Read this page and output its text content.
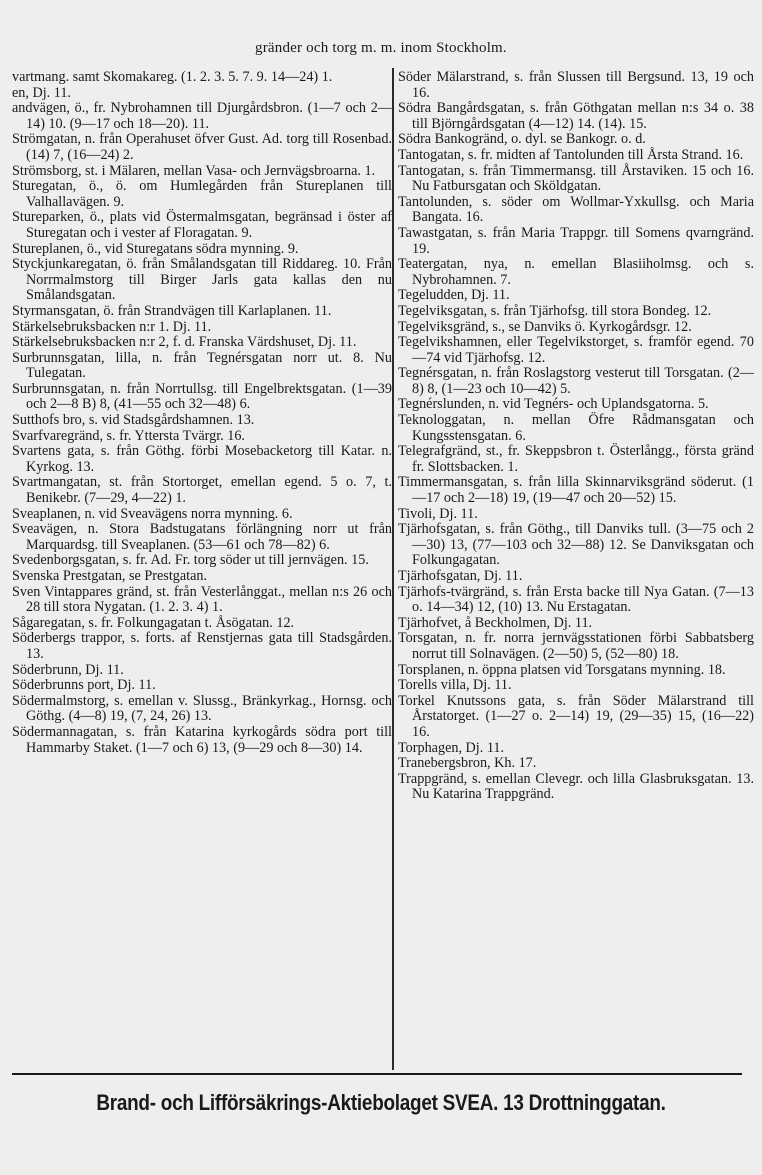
gränder och torg m. m. inom Stockholm.

vartmang. samt Skomakareg. (1. 2. 3. 5. 7. 9. 14—24) 1.

en, Dj. 11.

andvägen, ö., fr. Nybrohamnen till Djurgårdsbron. (1—7 och 2—14) 10. (9—17 och 18—20). 11.

Strömgatan, n. från Operahuset öfver Gust. Ad. torg till Rosenbad. (14) 7, (16—24) 2.

Strömsborg, st. i Mälaren, mellan Vasa- och Jernvägsbroarna. 1.

Sturegatan, ö., ö. om Humlegården från Stureplanen till Valhallavägen. 9.

Stureparken, ö., plats vid Östermalmsgatan, begränsad i öster af Sturegatan och i vester af Floragatan. 9.

Stureplanen, ö., vid Sturegatans södra mynning. 9.

Styckjunkaregatan, ö. från Smålandsgatan till Riddareg. 10. Från Norrmalmstorg till Birger Jarls gata kallas den nu Smålandsgatan.

Styrmansgatan, ö. från Strandvägen till Karlaplanen. 11.

Stärkelsebruksbacken n:r 1. Dj. 11.

Stärkelsebruksbacken n:r 2, f. d. Franska Värdshuset, Dj. 11.

Surbrunnsgatan, lilla, n. från Tegnérsgatan norr ut. 8. Nu Tulegatan.

Surbrunnsgatan, n. från Norrtullsg. till Engelbrektsgatan. (1—39 och 2—8 B) 8, (41—55 och 32—48) 6.

Sutthofs bro, s. vid Stadsgårdshamnen. 13.

Svarfvaregränd, s. fr. Yttersta Tvärgr. 16.

Svartens gata, s. från Göthg. förbi Mosebacketorg till Katar. n. Kyrkog. 13.

Svartmangatan, st. från Stortorget, emellan egend. 5 o. 7, t. Benikebr. (7—29, 4—22) 1.

Sveaplanen, n. vid Sveavägens norra mynning. 6.

Sveavägen, n. Stora Badstugatans förlängning norr ut från Marquardsg. till Sveaplanen. (53—61 och 78—82) 6.

Svedenborgsgatan, s. fr. Ad. Fr. torg söder ut till jernvägen. 15.

Svenska Prestgatan, se Prestgatan.

Sven Vintappares gränd, st. från Vesterlånggat., mellan n:s 26 och 28 till stora Nygatan. (1. 2. 3. 4) 1.

Sågaregatan, s. fr. Folkungagatan t. Åsögatan. 12.

Söderbergs trappor, s. forts. af Renstjernas gata till Stadsgården. 13.

Söderbrunn, Dj. 11.

Söderbrunns port, Dj. 11.

Södermalmstorg, s. emellan v. Slussg., Bränkyrkag., Hornsg. och Göthg. (4—8) 19, (7, 24, 26) 13.

Södermannagatan, s. från Katarina kyrkogårds södra port till Hammarby Staket. (1—7 och 6) 13, (9—29 och 8—30) 14.

Söder Mälarstrand, s. från Slussen till Bergsund. 13, 19 och 16.

Södra Bangårdsgatan, s. från Göthgatan mellan n:s 34 o. 38 till Björngårdsgatan (4—12) 14. (14). 15.

Södra Bankogränd, o. dyl. se Bankogr. o. d.

Tantogatan, s. fr. midten af Tantolunden till Årsta Strand. 16.

Tantogatan, s. från Timmermansg. till Årstaviken. 15 och 16. Nu Fatbursgatan och Sköldgatan.

Tantolunden, s. söder om Wollmar-Yxkullsg. och Maria Bangata. 16.

Tawastgatan, s. från Maria Trappgr. till Somens qvarngränd. 19.

Teatergatan, nya, n. emellan Blasiiholmsg. och s. Nybrohamnen. 7.

Tegeludden, Dj. 11.

Tegelviksgatan, s. från Tjärhofsg. till stora Bondeg. 12.

Tegelviksgränd, s., se Danviks ö. Kyrkogårdsgr. 12.

Tegelvikshamnen, eller Tegelvikstorget, s. framför egend. 70—74 vid Tjärhofsg. 12.

Tegnérsgatan, n. från Roslagstorg vesterut till Torsgatan. (2—8) 8, (1—23 och 10—42) 5.

Tegnérslunden, n. vid Tegnérs- och Uplandsgatorna. 5.

Teknologgatan, n. mellan Öfre Rådmansgatan och Kungsstensgatan. 6.

Telegrafgränd, st., fr. Skeppsbron t. Österlångg., första gränd fr. Slottsbacken. 1.

Timmermansgatan, s. från lilla Skinnarviksgränd söderut. (1—17 och 2—18) 19, (19—47 och 20—52) 15.

Tivoli, Dj. 11.

Tjärhofsgatan, s. från Göthg., till Danviks tull. (3—75 och 2—30) 13, (77—103 och 32—88) 12. Se Danviksgatan och Folkungagatan.

Tjärhofsgatan, Dj. 11.

Tjärhofs-tvärgränd, s. från Ersta backe till Nya Gatan. (7—13 o. 14—34) 12, (10) 13. Nu Erstagatan.

Tjärhofvet, å Beckholmen, Dj. 11.

Torsgatan, n. fr. norra jernvägsstationen förbi Sabbatsberg norrut till Solnavägen. (2—50) 5, (52—80) 18.

Torsplanen, n. öppna platsen vid Torsgatans mynning. 18.

Torells villa, Dj. 11.

Torkel Knutssons gata, s. från Söder Mälarstrand till Årstatorget. (1—27 o. 2—14) 19, (29—35) 15, (16—22) 16.

Torphagen, Dj. 11.

Tranebergsbron, Kh. 17.

Trappgränd, s. emellan Clevegr. och lilla Glasbruksgatan. 13. Nu Katarina Trappgränd.

Brand- och Lifförsäkrings-Aktiebolaget SVEA. 13 Drottninggatan.
